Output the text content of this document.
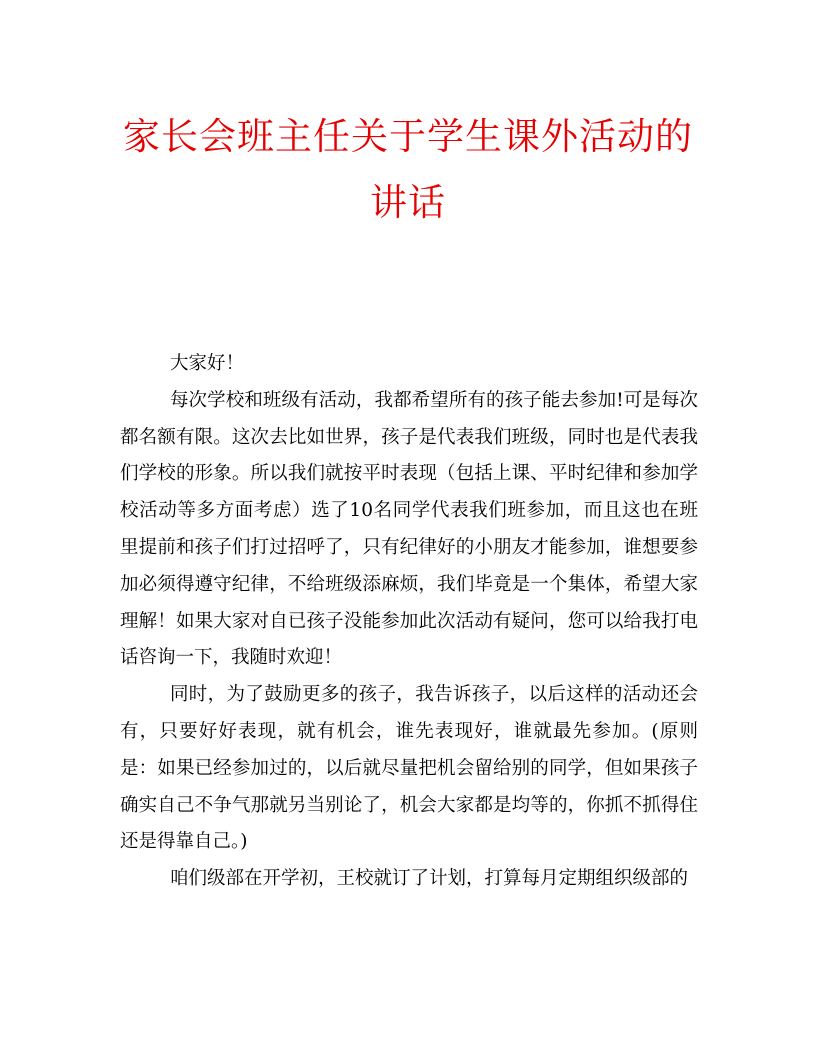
家长会班主任关于学生课外活动的讲话

大家好！

每次学校和班级有活动，我都希望所有的孩子能去参加!可是每次都名额有限。这次去比如世界，孩子是代表我们班级，同时也是代表我们学校的形象。所以我们就按平时表现（包括上课、平时纪律和参加学校活动等多方面考虑）选了10名同学代表我们班参加，而且这也在班里提前和孩子们打过招呼了，只有纪律好的小朋友才能参加，谁想要参加必须得遵守纪律，不给班级添麻烦，我们毕竟是一个集体，希望大家理解！如果大家对自已孩子没能参加此次活动有疑问，您可以给我打电话咨询一下，我随时欢迎！

同时，为了鼓励更多的孩子，我告诉孩子，以后这样的活动还会有，只要好好表现，就有机会，谁先表现好，谁就最先参加。(原则是：如果已经参加过的，以后就尽量把机会留给别的同学，但如果孩子确实自己不争气那就另当别论了，机会大家都是均等的，你抓不抓得住还是得靠自己。)

咱们级部在开学初，王校就订了计划，打算每月定期组织级部的
